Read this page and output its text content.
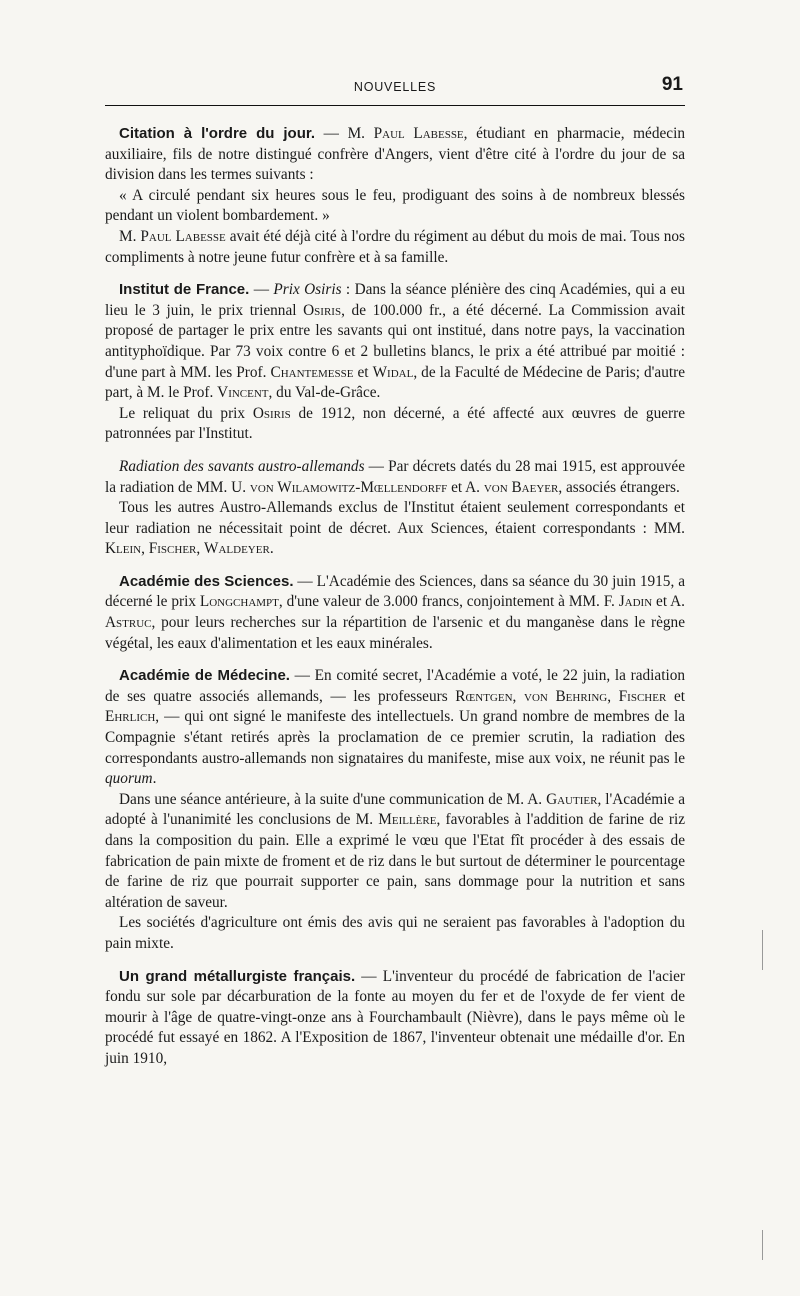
NOUVELLES	91

Citation à l'ordre du jour. — M. Paul Labesse, étudiant en pharmacie, médecin auxiliaire, fils de notre distingué confrère d'Angers, vient d'être cité à l'ordre du jour de sa division dans les termes suivants :

« A circulé pendant six heures sous le feu, prodiguant des soins à de nombreux blessés pendant un violent bombardement. »

M. Paul Labesse avait été déjà cité à l'ordre du régiment au début du mois de mai. Tous nos compliments à notre jeune futur confrère et à sa famille.

Institut de France. — Prix Osiris : Dans la séance plénière des cinq Académies, qui a eu lieu le 3 juin, le prix triennal Osiris, de 100.000 fr., a été décerné. La Commission avait proposé de partager le prix entre les savants qui ont institué, dans notre pays, la vaccination antityphoïdique. Par 73 voix contre 6 et 2 bulletins blancs, le prix a été attribué par moitié : d'une part à MM. les Prof. Chantemesse et Widal, de la Faculté de Médecine de Paris; d'autre part, à M. le Prof. Vincent, du Val-de-Grâce.

Le reliquat du prix Osiris de 1912, non décerné, a été affecté aux œuvres de guerre patronnées par l'Institut.

Radiation des savants austro-allemands — Par décrets datés du 28 mai 1915, est approuvée la radiation de MM. U. von Wilamowitz-Mœllendorff et A. von Baeyer, associés étrangers.

Tous les autres Austro-Allemands exclus de l'Institut étaient seulement correspondants et leur radiation ne nécessitait point de décret. Aux Sciences, étaient correspondants : MM. Klein, Fischer, Waldeyer.

Académie des Sciences. — L'Académie des Sciences, dans sa séance du 30 juin 1915, a décerné le prix Longchampt, d'une valeur de 3.000 francs, conjointement à MM. F. Jadin et A. Astruc, pour leurs recherches sur la répartition de l'arsenic et du manganèse dans le règne végétal, les eaux d'alimentation et les eaux minérales.

Académie de Médecine. — En comité secret, l'Académie a voté, le 22 juin, la radiation de ses quatre associés allemands, — les professeurs Rœntgen, von Behring, Fischer et Ehrlich, — qui ont signé le manifeste des intellectuels. Un grand nombre de membres de la Compagnie s'étant retirés après la proclamation de ce premier scrutin, la radiation des correspondants austro-allemands non signataires du manifeste, mise aux voix, ne réunit pas le quorum.

Dans une séance antérieure, à la suite d'une communication de M. A. Gautier, l'Académie a adopté à l'unanimité les conclusions de M. Meillère, favorables à l'addition de farine de riz dans la composition du pain. Elle a exprimé le vœu que l'Etat fît procéder à des essais de fabrication de pain mixte de froment et de riz dans le but surtout de déterminer le pourcentage de farine de riz que pourrait supporter ce pain, sans dommage pour la nutrition et sans altération de saveur.

Les sociétés d'agriculture ont émis des avis qui ne seraient pas favorables à l'adoption du pain mixte.

Un grand métallurgiste français. — L'inventeur du procédé de fabrication de l'acier fondu sur sole par décarburation de la fonte au moyen du fer et de l'oxyde de fer vient de mourir à l'âge de quatre-vingt-onze ans à Fourchambault (Nièvre), dans le pays même où le procédé fut essayé en 1862. A l'Exposition de 1867, l'inventeur obtenait une médaille d'or. En juin 1910,
